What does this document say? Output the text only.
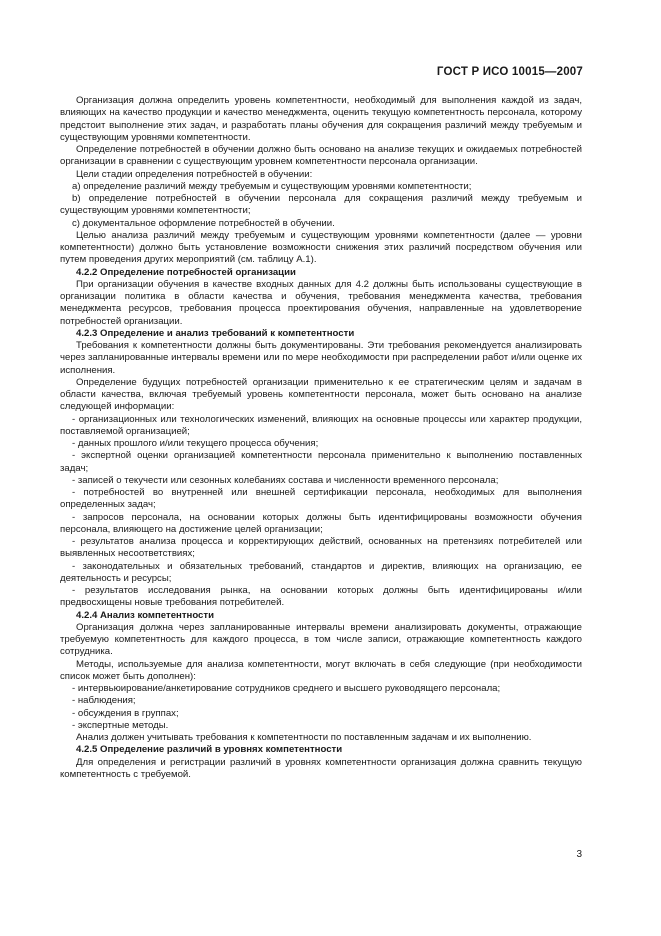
ГОСТ Р ИСО 10015—2007

Организация должна определить уровень компетентности, необходимый для выполнения каждой из задач, влияющих на качество продукции и качество менеджмента, оценить текущую компетентность персонала, которому предстоит выполнение этих задач, и разработать планы обучения для сокращения различий между требуемым и существующим уровнями компетентности.

Определение потребностей в обучении должно быть основано на анализе текущих и ожидаемых потребностей организации в сравнении с существующим уровнем компетентности персонала организации.

Цели стадии определения потребностей в обучении:

а) определение различий между требуемым и существующим уровнями компетентности;

b) определение потребностей в обучении персонала для сокращения различий между требуемым и существующим уровнями компетентности;

c) документальное оформление потребностей в обучении.

Целью анализа различий между требуемым и существующим уровнями компетентности (далее — уровни компетентности) должно быть установление возможности снижения этих различий посредством обучения или путем проведения других мероприятий (см. таблицу А.1).

4.2.2 Определение потребностей организации

При организации обучения в качестве входных данных для 4.2 должны быть использованы существующие в организации политика в области качества и обучения, требования менеджмента качества, требования менеджмента ресурсов, требования процесса проектирования обучения, направленные на удовлетворение потребностей организации.

4.2.3 Определение и анализ требований к компетентности

Требования к компетентности должны быть документированы. Эти требования рекомендуется анализировать через запланированные интервалы времени или по мере необходимости при распределении работ и/или оценке их исполнения.

Определение будущих потребностей организации применительно к ее стратегическим целям и задачам в области качества, включая требуемый уровень компетентности персонала, может быть основано на анализе следующей информации:

- организационных или технологических изменений, влияющих на основные процессы или характер продукции, поставляемой организацией;

- данных прошлого и/или текущего процесса обучения;

- экспертной оценки организацией компетентности персонала применительно к выполнению поставленных задач;

- записей о текучести или сезонных колебаниях состава и численности временного персонала;

- потребностей во внутренней или внешней сертификации персонала, необходимых для выполнения определенных задач;

- запросов персонала, на основании которых должны быть идентифицированы возможности обучения персонала, влияющего на достижение целей организации;

- результатов анализа процесса и корректирующих действий, основанных на претензиях потребителей или выявленных несоответствиях;

- законодательных и обязательных требований, стандартов и директив, влияющих на организацию, ее деятельность и ресурсы;

- результатов исследования рынка, на основании которых должны быть идентифицированы и/или предвосхищены новые требования потребителей.

4.2.4 Анализ компетентности

Организация должна через запланированные интервалы времени анализировать документы, отражающие требуемую компетентность для каждого процесса, в том числе записи, отражающие компетентность каждого сотрудника.

Методы, используемые для анализа компетентности, могут включать в себя следующие (при необходимости список может быть дополнен):

- интервьюирование/анкетирование сотрудников среднего и высшего руководящего персонала;

- наблюдения;

- обсуждения в группах;

- экспертные методы.

Анализ должен учитывать требования к компетентности по поставленным задачам и их выполнению.

4.2.5 Определение различий в уровнях компетентности

Для определения и регистрации различий в уровнях компетентности организация должна сравнить текущую компетентность с требуемой.

3
